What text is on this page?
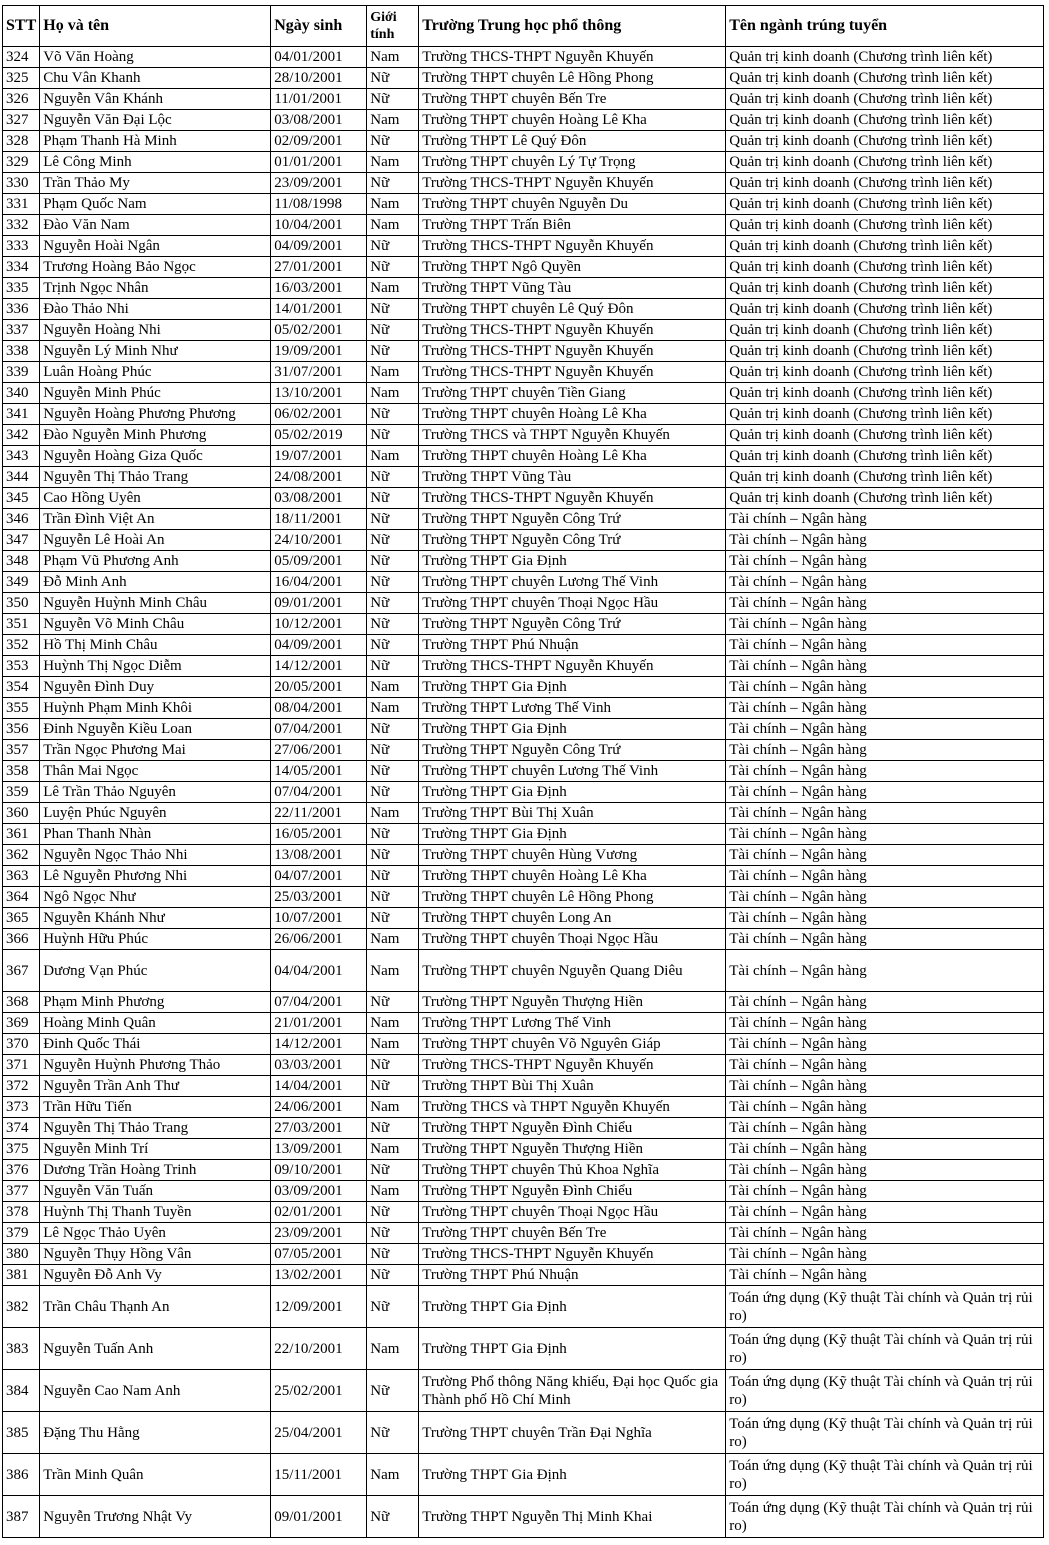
STT	Họ và tên	Ngày sinh	Giới tính	Trường Trung học phổ thông	Tên ngành trúng tuyển
324	Võ Văn Hoàng	04/01/2001	Nam	Trường THCS-THPT Nguyễn Khuyến	Quản trị kinh doanh (Chương trình liên kết)
325	Chu Vân Khanh	28/10/2001	Nữ	Trường THPT chuyên Lê Hồng Phong	Quản trị kinh doanh (Chương trình liên kết)
326	Nguyễn Vân Khánh	11/01/2001	Nữ	Trường THPT chuyên Bến Tre	Quản trị kinh doanh (Chương trình liên kết)
327	Nguyễn Văn Đại Lộc	03/08/2001	Nam	Trường THPT chuyên Hoàng Lê Kha	Quản trị kinh doanh (Chương trình liên kết)
328	Phạm Thanh Hà Minh	02/09/2001	Nữ	Trường THPT Lê Quý Đôn	Quản trị kinh doanh (Chương trình liên kết)
329	Lê Công Minh	01/01/2001	Nam	Trường THPT chuyên Lý Tự Trọng	Quản trị kinh doanh (Chương trình liên kết)
330	Trần Thảo My	23/09/2001	Nữ	Trường THCS-THPT Nguyễn Khuyến	Quản trị kinh doanh (Chương trình liên kết)
331	Phạm Quốc Nam	11/08/1998	Nam	Trường THPT chuyên Nguyễn Du	Quản trị kinh doanh (Chương trình liên kết)
332	Đào Văn Nam	10/04/2001	Nam	Trường THPT Trấn Biên	Quản trị kinh doanh (Chương trình liên kết)
333	Nguyễn Hoài Ngân	04/09/2001	Nữ	Trường THCS-THPT Nguyễn Khuyến	Quản trị kinh doanh (Chương trình liên kết)
334	Trương Hoàng Bảo Ngọc	27/01/2001	Nữ	Trường THPT Ngô Quyền	Quản trị kinh doanh (Chương trình liên kết)
335	Trịnh Ngọc Nhân	16/03/2001	Nam	Trường THPT Vũng Tàu	Quản trị kinh doanh (Chương trình liên kết)
336	Đào Thảo Nhi	14/01/2001	Nữ	Trường THPT chuyên Lê Quý Đôn	Quản trị kinh doanh (Chương trình liên kết)
337	Nguyễn Hoàng Nhi	05/02/2001	Nữ	Trường THCS-THPT Nguyễn Khuyến	Quản trị kinh doanh (Chương trình liên kết)
338	Nguyễn Lý Minh Như	19/09/2001	Nữ	Trường THCS-THPT Nguyễn Khuyến	Quản trị kinh doanh (Chương trình liên kết)
339	Luân Hoàng Phúc	31/07/2001	Nam	Trường THCS-THPT Nguyễn Khuyến	Quản trị kinh doanh (Chương trình liên kết)
340	Nguyễn Minh Phúc	13/10/2001	Nam	Trường THPT chuyên Tiền Giang	Quản trị kinh doanh (Chương trình liên kết)
341	Nguyễn Hoàng Phương Phương	06/02/2001	Nữ	Trường THPT chuyên Hoàng Lê Kha	Quản trị kinh doanh (Chương trình liên kết)
342	Đào Nguyễn Minh Phương	05/02/2019	Nữ	Trường THCS và THPT Nguyễn Khuyến	Quản trị kinh doanh (Chương trình liên kết)
343	Nguyễn Hoàng Giza Quốc	19/07/2001	Nam	Trường THPT chuyên Hoàng Lê Kha	Quản trị kinh doanh (Chương trình liên kết)
344	Nguyễn Thị Thảo Trang	24/08/2001	Nữ	Trường THPT Vũng Tàu	Quản trị kinh doanh (Chương trình liên kết)
345	Cao Hồng Uyên	03/08/2001	Nữ	Trường THCS-THPT Nguyễn Khuyến	Quản trị kinh doanh (Chương trình liên kết)
346	Trần Đình Việt An	18/11/2001	Nữ	Trường THPT Nguyễn Công Trứ	Tài chính – Ngân hàng
347	Nguyễn Lê Hoài An	24/10/2001	Nữ	Trường THPT Nguyễn Công Trứ	Tài chính – Ngân hàng
348	Phạm Vũ Phương Anh	05/09/2001	Nữ	Trường THPT Gia Định	Tài chính – Ngân hàng
349	Đỗ Minh Anh	16/04/2001	Nữ	Trường THPT chuyên Lương Thế Vinh	Tài chính – Ngân hàng
350	Nguyễn Huỳnh Minh Châu	09/01/2001	Nữ	Trường THPT chuyên Thoại Ngọc Hầu	Tài chính – Ngân hàng
351	Nguyễn Võ Minh Châu	10/12/2001	Nữ	Trường THPT Nguyễn Công Trứ	Tài chính – Ngân hàng
352	Hồ Thị Minh Châu	04/09/2001	Nữ	Trường THPT Phú Nhuận	Tài chính – Ngân hàng
353	Huỳnh Thị Ngọc Diễm	14/12/2001	Nữ	Trường THCS-THPT Nguyễn Khuyến	Tài chính – Ngân hàng
354	Nguyễn Đình Duy	20/05/2001	Nam	Trường THPT Gia Định	Tài chính – Ngân hàng
355	Huỳnh Phạm Minh Khôi	08/04/2001	Nam	Trường THPT Lương Thế Vinh	Tài chính – Ngân hàng
356	Đinh Nguyễn Kiều Loan	07/04/2001	Nữ	Trường THPT Gia Định	Tài chính – Ngân hàng
357	Trần Ngọc Phương Mai	27/06/2001	Nữ	Trường THPT Nguyễn Công Trứ	Tài chính – Ngân hàng
358	Thân Mai Ngọc	14/05/2001	Nữ	Trường THPT chuyên Lương Thế Vinh	Tài chính – Ngân hàng
359	Lê Trần Thảo Nguyên	07/04/2001	Nữ	Trường THPT Gia Định	Tài chính – Ngân hàng
360	Luyện Phúc Nguyên	22/11/2001	Nam	Trường THPT Bùi Thị Xuân	Tài chính – Ngân hàng
361	Phan Thanh Nhàn	16/05/2001	Nữ	Trường THPT Gia Định	Tài chính – Ngân hàng
362	Nguyễn Ngọc Thảo Nhi	13/08/2001	Nữ	Trường THPT chuyên Hùng Vương	Tài chính – Ngân hàng
363	Lê Nguyễn Phương Nhi	04/07/2001	Nữ	Trường THPT chuyên Hoàng Lê Kha	Tài chính – Ngân hàng
364	Ngô Ngọc Như	25/03/2001	Nữ	Trường THPT chuyên Lê Hồng Phong	Tài chính – Ngân hàng
365	Nguyễn Khánh Như	10/07/2001	Nữ	Trường THPT chuyên Long An	Tài chính – Ngân hàng
366	Huỳnh Hữu Phúc	26/06/2001	Nam	Trường THPT chuyên Thoại Ngọc Hầu	Tài chính – Ngân hàng
367	Dương Vạn Phúc	04/04/2001	Nam	Trường THPT chuyên Nguyễn Quang Diêu	Tài chính – Ngân hàng
368	Phạm Minh Phương	07/04/2001	Nữ	Trường THPT Nguyễn Thượng Hiền	Tài chính – Ngân hàng
369	Hoàng Minh Quân	21/01/2001	Nam	Trường THPT Lương Thế Vinh	Tài chính – Ngân hàng
370	Đinh Quốc Thái	14/12/2001	Nam	Trường THPT chuyên Võ Nguyên Giáp	Tài chính – Ngân hàng
371	Nguyễn Huỳnh Phương Thảo	03/03/2001	Nữ	Trường THCS-THPT Nguyễn Khuyến	Tài chính – Ngân hàng
372	Nguyễn Trần Anh Thư	14/04/2001	Nữ	Trường THPT Bùi Thị Xuân	Tài chính – Ngân hàng
373	Trần Hữu Tiến	24/06/2001	Nam	Trường THCS và THPT Nguyễn Khuyến	Tài chính – Ngân hàng
374	Nguyễn Thị Thảo Trang	27/03/2001	Nữ	Trường THPT Nguyễn Đình Chiểu	Tài chính – Ngân hàng
375	Nguyễn Minh Trí	13/09/2001	Nam	Trường THPT Nguyễn Thượng Hiền	Tài chính – Ngân hàng
376	Dương Trần Hoàng Trinh	09/10/2001	Nữ	Trường THPT chuyên Thủ Khoa Nghĩa	Tài chính – Ngân hàng
377	Nguyễn Văn Tuấn	03/09/2001	Nam	Trường THPT Nguyễn Đình Chiểu	Tài chính – Ngân hàng
378	Huỳnh Thị Thanh Tuyền	02/01/2001	Nữ	Trường THPT chuyên Thoại Ngọc Hầu	Tài chính – Ngân hàng
379	Lê Ngọc Thảo Uyên	23/09/2001	Nữ	Trường THPT chuyên Bến Tre	Tài chính – Ngân hàng
380	Nguyễn Thụy Hồng Vân	07/05/2001	Nữ	Trường THCS-THPT Nguyễn Khuyến	Tài chính – Ngân hàng
381	Nguyễn Đỗ Anh Vy	13/02/2001	Nữ	Trường THPT Phú Nhuận	Tài chính – Ngân hàng
382	Trần Châu Thạnh An	12/09/2001	Nữ	Trường THPT Gia Định	Toán ứng dụng (Kỹ thuật Tài chính và Quản trị rủi ro)
383	Nguyễn Tuấn Anh	22/10/2001	Nam	Trường THPT Gia Định	Toán ứng dụng (Kỹ thuật Tài chính và Quản trị rủi ro)
384	Nguyễn Cao Nam Anh	25/02/2001	Nữ	Trường Phổ thông Năng khiếu, Đại học Quốc gia Thành phố Hồ Chí Minh	Toán ứng dụng (Kỹ thuật Tài chính và Quản trị rủi ro)
385	Đặng Thu Hằng	25/04/2001	Nữ	Trường THPT chuyên Trần Đại Nghĩa	Toán ứng dụng (Kỹ thuật Tài chính và Quản trị rủi ro)
386	Trần Minh Quân	15/11/2001	Nam	Trường THPT Gia Định	Toán ứng dụng (Kỹ thuật Tài chính và Quản trị rủi ro)
387	Nguyễn Trương Nhật Vy	09/01/2001	Nữ	Trường THPT Nguyễn Thị Minh Khai	Toán ứng dụng (Kỹ thuật Tài chính và Quản trị rủi ro)
